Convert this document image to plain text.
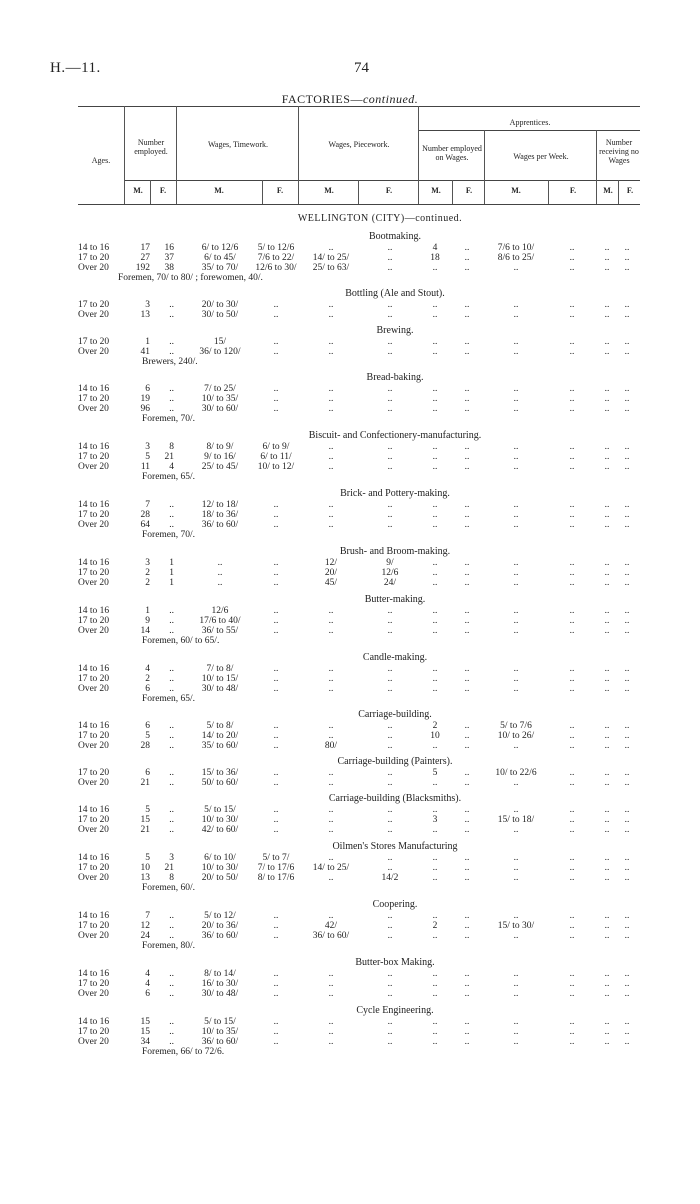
H.—11.	74
FACTORIES—continued.
Ages.
Number employed.
Wages, Timework.	Wages, Piecework.
Apprentices.
Number employed on Wages.	Wages per Week.
Number receiving no Wages
M.	F.	M.	F.	M.	F.	M.	F.	M.	F.	M.	F.
WELLINGTON (CITY)—continued.
Bootmaking.
14 to 16	17	16	6/ to 12/6	5/ to 12/6	..	..	4	..	7/6 to 10/	..	..	..
17 to 20	27	37	6/ to 45/	7/6 to 22/	14/ to 25/	..	18	..	8/6 to 25/	..	..	..
Over 20	192	38	35/ to 70/	12/6 to 30/	25/ to 63/	..	..	..	..	..	..	..
Foremen, 70/ to 80/ ; forewomen, 40/.
Bottling (Ale and Stout).
17 to 20	3	..	20/ to 30/	..	..	..	..	..	..	..	..	..
Over 20	13	..	30/ to 50/	..	..	..	..	..	..	..	..	..
Brewing.
17 to 20	1	..	15/	..	..	..	..	..	..	..	..	..
Over 20	41	..	36/ to 120/	..	..	..	..	..	..	..	..	..
Brewers, 240/.
Bread-baking.
14 to 16	6	..	7/ to 25/	..	..	..	..	..	..	..	..	..
17 to 20	19	..	10/ to 35/	..	..	..	..	..	..	..	..	..
Over 20	96	..	30/ to 60/	..	..	..	..	..	..	..	..	..
Foremen, 70/.
Biscuit- and Confectionery-manufacturing.
14 to 16	3	8	8/ to 9/	6/ to 9/	..	..	..	..	..	..	..	..
17 to 20	5	21	9/ to 16/	6/ to 11/	..	..	..	..	..	..	..	..
Over 20	11	4	25/ to 45/	10/ to 12/	..	..	..	..	..	..	..	..
Foremen, 65/.
Brick- and Pottery-making.
14 to 16	7	..	12/ to 18/	..	..	..	..	..	..	..	..	..
17 to 20	28	..	18/ to 36/	..	..	..	..	..	..	..	..	..
Over 20	64	..	36/ to 60/	..	..	..	..	..	..	..	..	..
Foremen, 70/.
Brush- and Broom-making.
14 to 16	3	1	..	..	12/	9/	..	..	..	..	..	..
17 to 20	2	1	..	..	20/	12/6	..	..	..	..	..	..
Over 20	2	1	..	..	45/	24/	..	..	..	..	..	..
Butter-making.
14 to 16	1	..	12/6	..	..	..	..	..	..	..	..	..
17 to 20	9	..	17/6 to 40/	..	..	..	..	..	..	..	..	..
Over 20	14	..	36/ to 55/	..	..	..	..	..	..	..	..	..
Foremen, 60/ to 65/.
Candle-making.
14 to 16	4	..	7/ to 8/	..	..	..	..	..	..	..	..	..
17 to 20	2	..	10/ to 15/	..	..	..	..	..	..	..	..	..
Over 20	6	..	30/ to 48/	..	..	..	..	..	..	..	..	..
Foremen, 65/.
Carriage-building.
14 to 16	6	..	5/ to 8/	..	..	..	2	..	5/ to 7/6	..	..	..
17 to 20	5	..	14/ to 20/	..	..	..	10	..	10/ to 26/	..	..	..
Over 20	28	..	35/ to 60/	..	80/	..	..	..	..	..	..	..
Carriage-building (Painters).
17 to 20	6	..	15/ to 36/	..	..	..	5	..	10/ to 22/6	..	..	..
Over 20	21	..	50/ to 60/	..	..	..	..	..	..	..	..	..
Carriage-building (Blacksmiths).
14 to 16	5	..	5/ to 15/	..	..	..	..	..	..	..	..	..
17 to 20	15	..	10/ to 30/	..	..	..	3	..	15/ to 18/	..	..	..
Over 20	21	..	42/ to 60/	..	..	..	..	..	..	..	..	..
Oilmen's Stores Manufacturing
14 to 16	5	3	6/ to 10/	5/ to 7/	..	..	..	..	..	..	..	..
17 to 20	10	21	10/ to 30/	7/ to 17/6	14/ to 25/	..	..	..	..	..	..	..
Over 20	13	8	20/ to 50/	8/ to 17/6	..	14/2	..	..	..	..	..	..
Foremen, 60/.
Coopering.
14 to 16	7	..	5/ to 12/	..	..	..	..	..	..	..	..	..
17 to 20	12	..	20/ to 36/	..	42/	..	2	..	15/ to 30/	..	..	..
Over 20	24	..	36/ to 60/	..	36/ to 60/	..	..	..	..	..	..	..
Foremen, 80/.
Butter-box Making.
14 to 16	4	..	8/ to 14/	..	..	..	..	..	..	..	..	..
17 to 20	4	..	16/ to 30/	..	..	..	..	..	..	..	..	..
Over 20	6	..	30/ to 48/	..	..	..	..	..	..	..	..	..
Cycle Engineering.
14 to 16	15	..	5/ to 15/	..	..	..	..	..	..	..	..	..
17 to 20	15	..	10/ to 35/	..	..	..	..	..	..	..	..	..
Over 20	34	..	36/ to 60/	..	..	..	..	..	..	..	..	..
Foremen, 66/ to 72/6.
